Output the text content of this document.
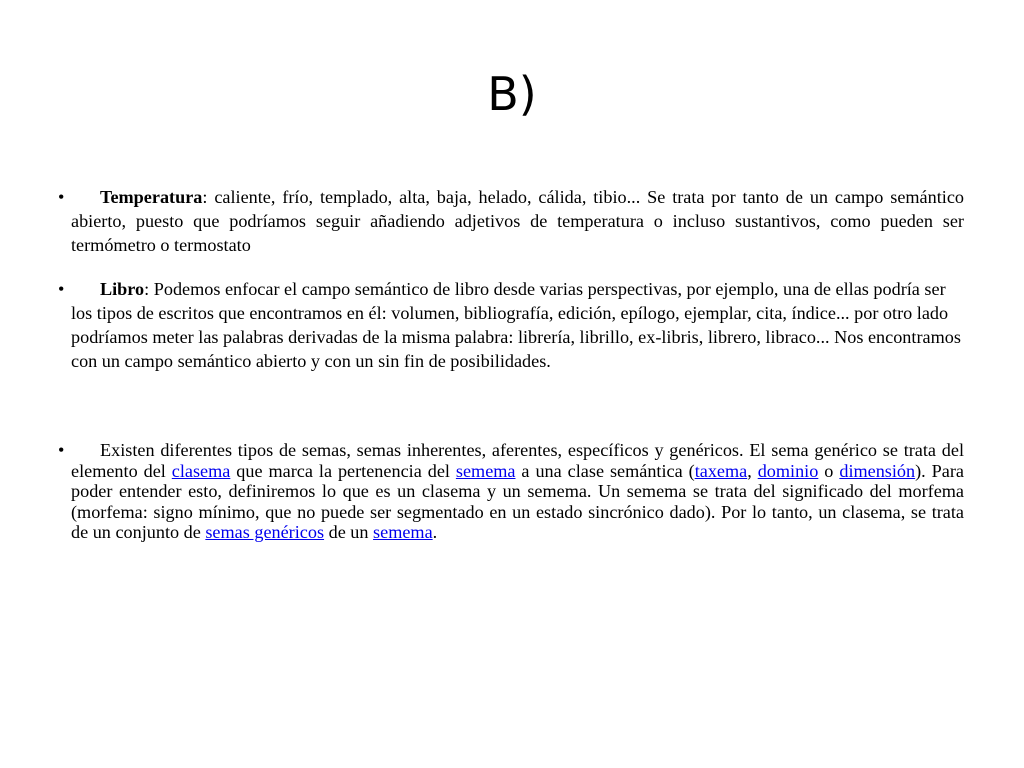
B)
•	Temperatura: caliente, frío, templado, alta, baja, helado, cálida, tibio... Se trata por tanto de un campo semántico abierto, puesto que podríamos seguir añadiendo adjetivos de temperatura o incluso sustantivos, como pueden ser termómetro o termostato
•	Libro: Podemos enfocar el campo semántico de libro desde varias perspectivas, por ejemplo, una de ellas podría ser los tipos de escritos que encontramos en él: volumen, bibliografía, edición, epílogo, ejemplar, cita, índice... por otro lado podríamos meter las palabras derivadas de la misma palabra: librería, librillo, ex-libris, librero, libraco... Nos encontramos con un campo semántico abierto y con un sin fin de posibilidades.
•	Existen diferentes tipos de semas, semas inherentes, aferentes, específicos y genéricos. El sema genérico se trata del elemento del clasema que marca la pertenencia del semema a una clase semántica (taxema, dominio o dimensión). Para poder entender esto, definiremos lo que es un clasema y un semema. Un semema se trata del significado del morfema (morfema: signo mínimo, que no puede ser segmentado en un estado sincrónico dado). Por lo tanto, un clasema, se trata de un conjunto de semas genéricos de un semema.
